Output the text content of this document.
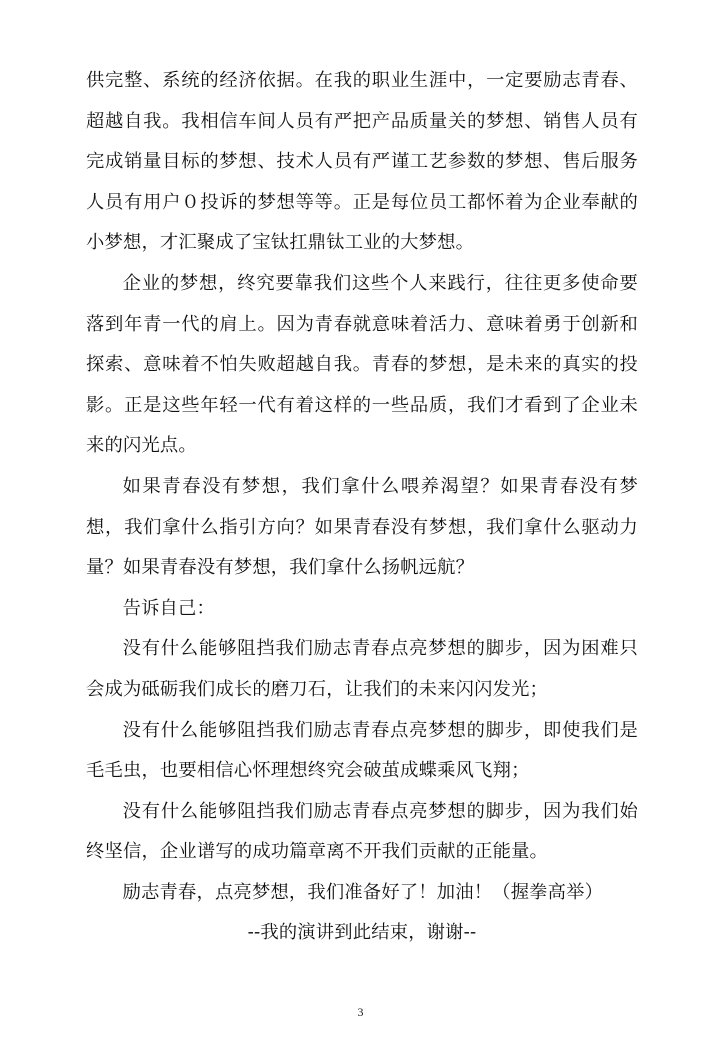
供完整、系统的经济依据。在我的职业生涯中，一定要励志青春、超越自我。我相信车间人员有严把产品质量关的梦想、销售人员有完成销量目标的梦想、技术人员有严谨工艺参数的梦想、售后服务人员有用户０投诉的梦想等等。正是每位员工都怀着为企业奉献的小梦想，才汇聚成了宝钛扛鼎钛工业的大梦想。

企业的梦想，终究要靠我们这些个人来践行，往往更多使命要落到年青一代的肩上。因为青春就意味着活力、意味着勇于创新和探索、意味着不怕失败超越自我。青春的梦想，是未来的真实的投影。正是这些年轻一代有着这样的一些品质，我们才看到了企业未来的闪光点。

如果青春没有梦想，我们拿什么喂养渴望？如果青春没有梦想，我们拿什么指引方向？如果青春没有梦想，我们拿什么驱动力量？如果青春没有梦想，我们拿什么扬帆远航？

告诉自己：

没有什么能够阻挡我们励志青春点亮梦想的脚步，因为困难只会成为砥砺我们成长的磨刀石，让我们的未来闪闪发光；

没有什么能够阻挡我们励志青春点亮梦想的脚步，即使我们是毛毛虫，也要相信心怀理想终究会破茧成蝶乘风飞翔；

没有什么能够阻挡我们励志青春点亮梦想的脚步，因为我们始终坚信，企业谱写的成功篇章离不开我们贡献的正能量。

励志青春，点亮梦想，我们准备好了！加油！（握拳高举）

--我的演讲到此结束，谢谢--

3
